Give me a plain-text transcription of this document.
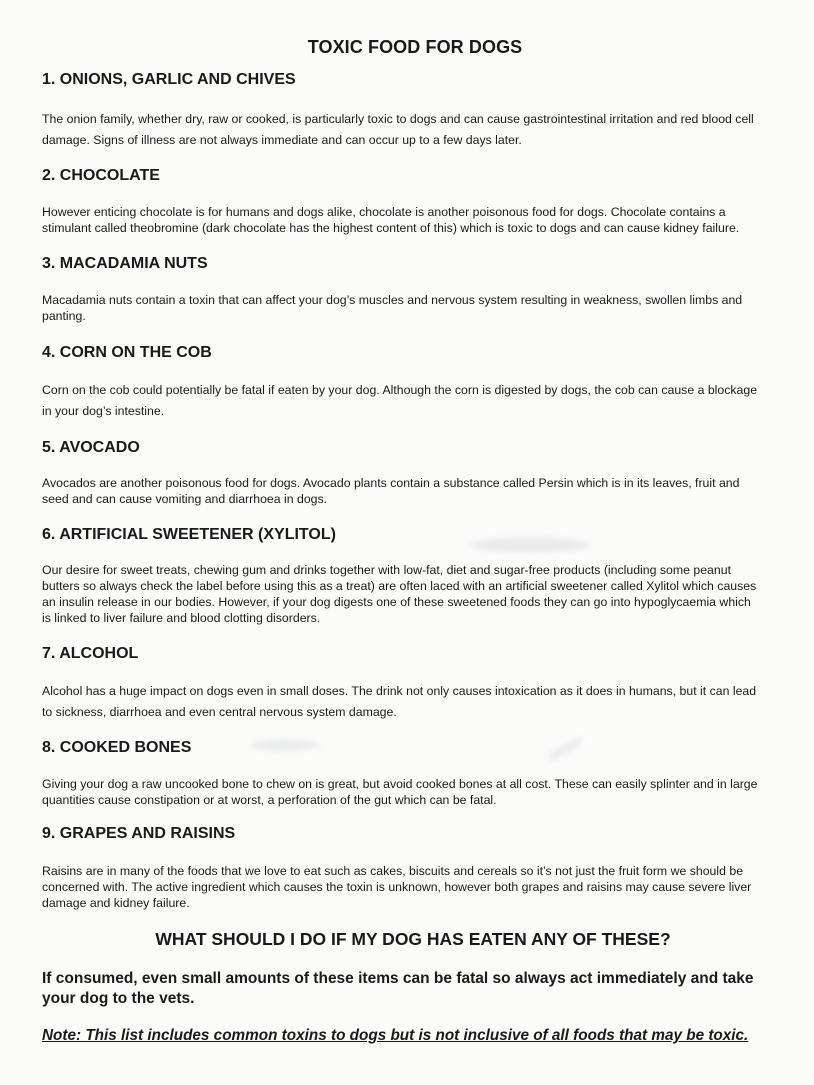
TOXIC FOOD FOR DOGS
1. ONIONS, GARLIC AND CHIVES

The onion family, whether dry, raw or cooked, is particularly toxic to dogs and can cause gastrointestinal irritation and red blood cell
damage. Signs of illness are not always immediate and can occur up to a few days later.

2. CHOCOLATE

However enticing chocolate is for humans and dogs alike, chocolate is another poisonous food for dogs. Chocolate contains a
stimulant called theobromine (dark chocolate has the highest content of this) which is toxic to dogs and can cause kidney failure.

3. MACADAMIA NUTS

Macadamia nuts contain a toxin that can affect your dog’s muscles and nervous system resulting in weakness, swollen limbs and
panting.

4. CORN ON THE COB

Corn on the cob could potentially be fatal if eaten by your dog. Although the corn is digested by dogs, the cob can cause a blockage
in your dog’s intestine.

5. AVOCADO

Avocados are another poisonous food for dogs. Avocado plants contain a substance called Persin which is in its leaves, fruit and
seed and can cause vomiting and diarrhoea in dogs.

6. ARTIFICIAL SWEETENER (XYLITOL)

Our desire for sweet treats, chewing gum and drinks together with low-fat, diet and sugar-free products (including some peanut
butters so always check the label before using this as a treat) are often laced with an artificial sweetener called Xylitol which causes
an insulin release in our bodies. However, if your dog digests one of these sweetened foods they can go into hypoglycaemia which
is linked to liver failure and blood clotting disorders.

7. ALCOHOL

Alcohol has a huge impact on dogs even in small doses. The drink not only causes intoxication as it does in humans, but it can lead
to sickness, diarrhoea and even central nervous system damage.

8. COOKED BONES

Giving your dog a raw uncooked bone to chew on is great, but avoid cooked bones at all cost. These can easily splinter and in large
quantities cause constipation or at worst, a perforation of the gut which can be fatal.

9. GRAPES AND RAISINS

Raisins are in many of the foods that we love to eat such as cakes, biscuits and cereals so it’s not just the fruit form we should be
concerned with. The active ingredient which causes the toxin is unknown, however both grapes and raisins may cause severe liver
damage and kidney failure.

WHAT SHOULD I DO IF MY DOG HAS EATEN ANY OF THESE?
If consumed, even small amounts of these items can be fatal so always act immediately and take
your dog to the vets.
Note: This list includes common toxins to dogs but is not inclusive of all foods that may be toxic.
